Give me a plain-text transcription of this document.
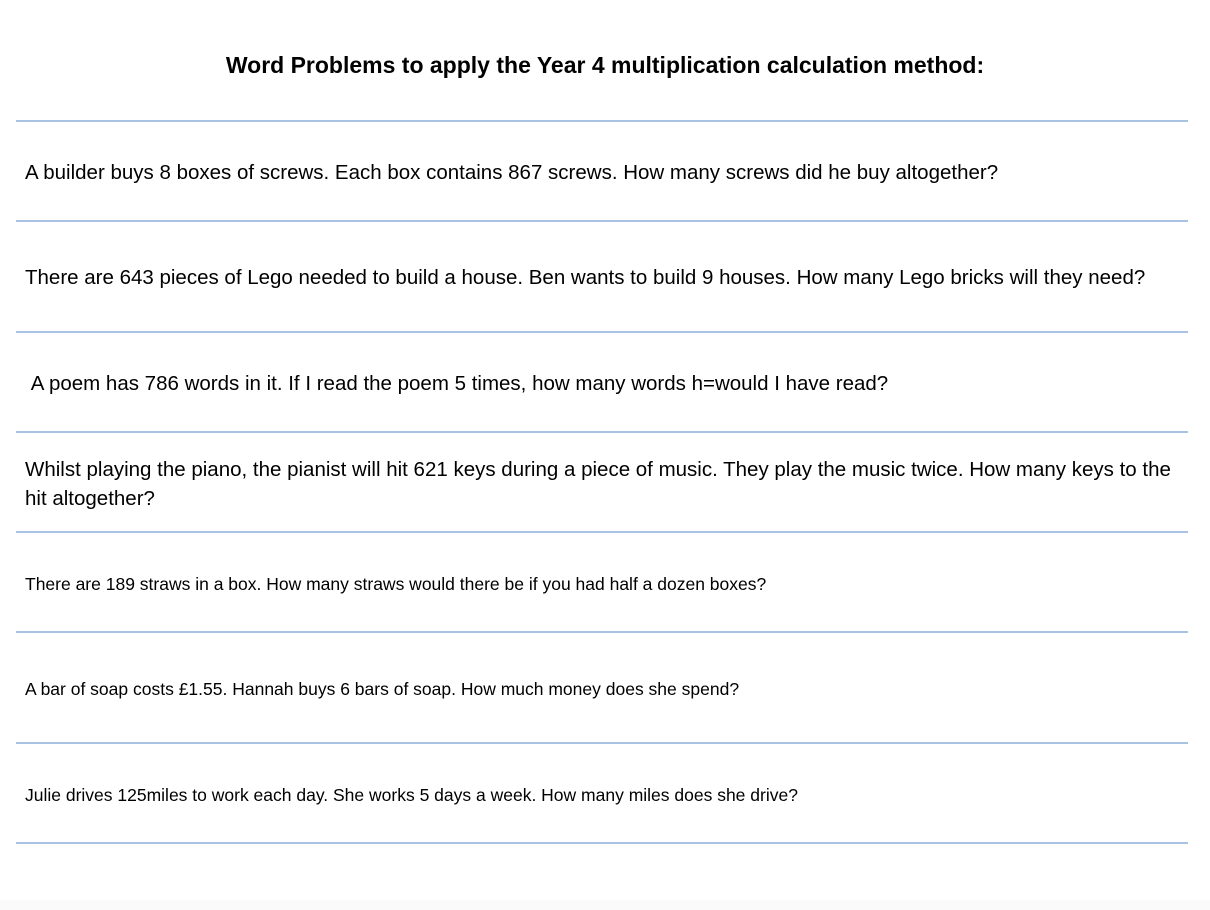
Word Problems to apply the Year 4 multiplication calculation method:
A builder buys 8 boxes of screws. Each box contains 867 screws. How many screws did he buy altogether?
There are 643 pieces of Lego needed to build a house. Ben wants to build 9 houses. How many Lego bricks will they need?
A poem has 786 words in it. If I read the poem 5 times, how many words h=would I have read?
Whilst playing the piano, the pianist will hit 621 keys during a piece of music. They play the music twice. How many keys to the hit altogether?
There are 189 straws in a box. How many straws would there be if you had half a dozen boxes?
A bar of soap costs £1.55. Hannah buys 6 bars of soap. How much money does she spend?
Julie drives 125miles to work each day. She works 5 days a week. How many miles does she drive?
